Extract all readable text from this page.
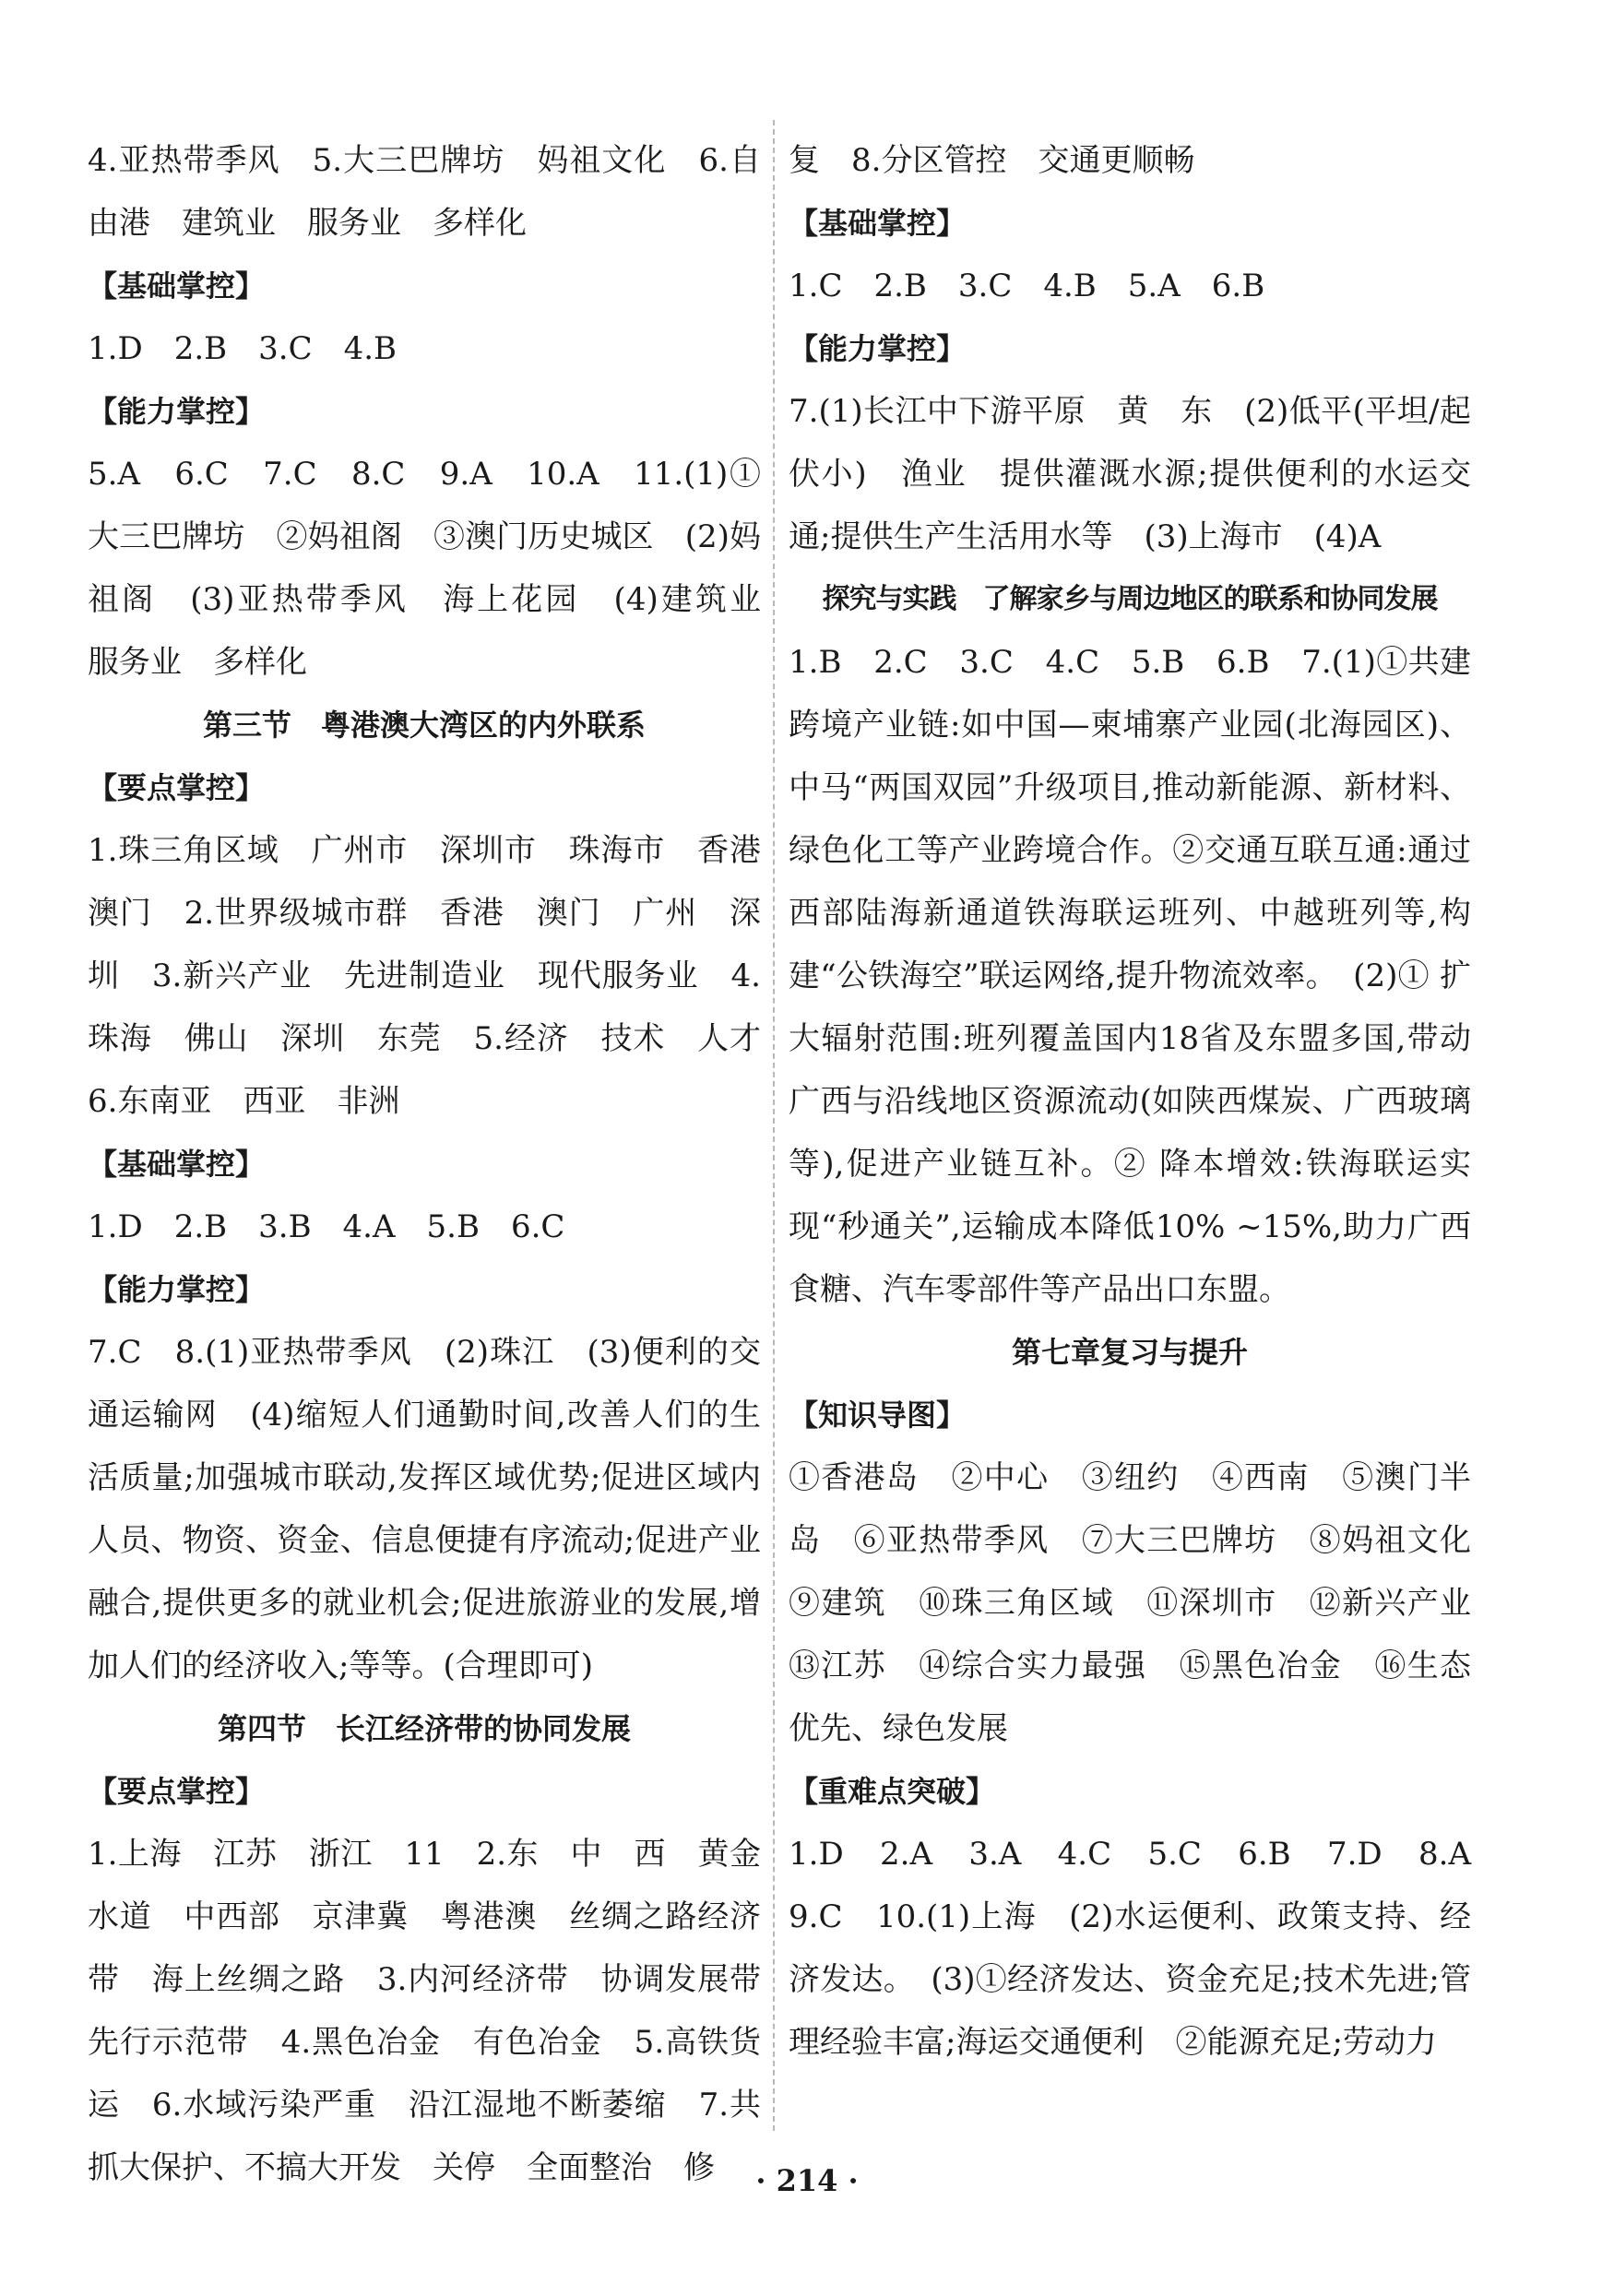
4.亚热带季风　5.大三巴牌坊　妈祖文化　6.自由港　建筑业　服务业　多样化

【基础掌控】

1.D　2.B　3.C　4.B

【能力掌控】

5.A　6.C　7.C　8.C　9.A　10.A　11.(1)①大三巴牌坊　②妈祖阁　③澳门历史城区　(2)妈祖阁　(3)亚热带季风　海上花园　(4)建筑业　服务业　多样化

第三节　粤港澳大湾区的内外联系

【要点掌控】

1.珠三角区域　广州市　深圳市　珠海市　香港　澳门　2.世界级城市群　香港　澳门　广州　深圳　3.新兴产业　先进制造业　现代服务业　4.珠海　佛山　深圳　东莞　5.经济　技术　人才　6.东南亚　西亚　非洲

【基础掌控】

1.D　2.B　3.B　4.A　5.B　6.C

【能力掌控】

7.C　8.(1)亚热带季风　(2)珠江　(3)便利的交通运输网　(4)缩短人们通勤时间,改善人们的生活质量;加强城市联动,发挥区域优势;促进区域内人员、物资、资金、信息便捷有序流动;促进产业融合,提供更多的就业机会;促进旅游业的发展,增加人们的经济收入;等等。(合理即可)

第四节　长江经济带的协同发展

【要点掌控】

1.上海　江苏　浙江　11　2.东　中　西　黄金水道　中西部　京津冀　粤港澳　丝绸之路经济带　海上丝绸之路　3.内河经济带　协调发展带　先行示范带　4.黑色冶金　有色冶金　5.高铁货运　6.水域污染严重　沿江湿地不断萎缩　7.共抓大保护、不搞大开发　关停　全面整治　修

复　8.分区管控　交通更顺畅

【基础掌控】

1.C　2.B　3.C　4.B　5.A　6.B

【能力掌控】

7.(1)长江中下游平原　黄　东　(2)低平(平坦/起伏小)　渔业　提供灌溉水源;提供便利的水运交通;提供生产生活用水等　(3)上海市　(4)A

探究与实践　了解家乡与周边地区的联系和协同发展

1.B　2.C　3.C　4.C　5.B　6.B　7.(1)①共建跨境产业链:如中国—柬埔寨产业园(北海园区)、中马“两国双园”升级项目,推动新能源、新材料、绿色化工等产业跨境合作。②交通互联互通:通过西部陆海新通道铁海联运班列、中越班列等,构建“公铁海空”联运网络,提升物流效率。　(2)① 扩大辐射范围:班列覆盖国内18省及东盟多国,带动广西与沿线地区资源流动(如陕西煤炭、广西玻璃等),促进产业链互补。② 降本增效:铁海联运实现“秒通关”,运输成本降低10% ~15%,助力广西食糖、汽车零部件等产品出口东盟。

第七章复习与提升

【知识导图】

①香港岛　②中心　③纽约　④西南　⑤澳门半岛　⑥亚热带季风　⑦大三巴牌坊　⑧妈祖文化　⑨建筑　⑩珠三角区域　⑪深圳市　⑫新兴产业　⑬江苏　⑭综合实力最强　⑮黑色冶金　⑯生态优先、绿色发展

【重难点突破】

1.D　2.A　3.A　4.C　5.C　6.B　7.D　8.A　9.C　10.(1)上海　(2)水运便利、政策支持、经济发达。　(3)①经济发达、资金充足;技术先进;管理经验丰富;海运交通便利　②能源充足;劳动力

· 214 ·
